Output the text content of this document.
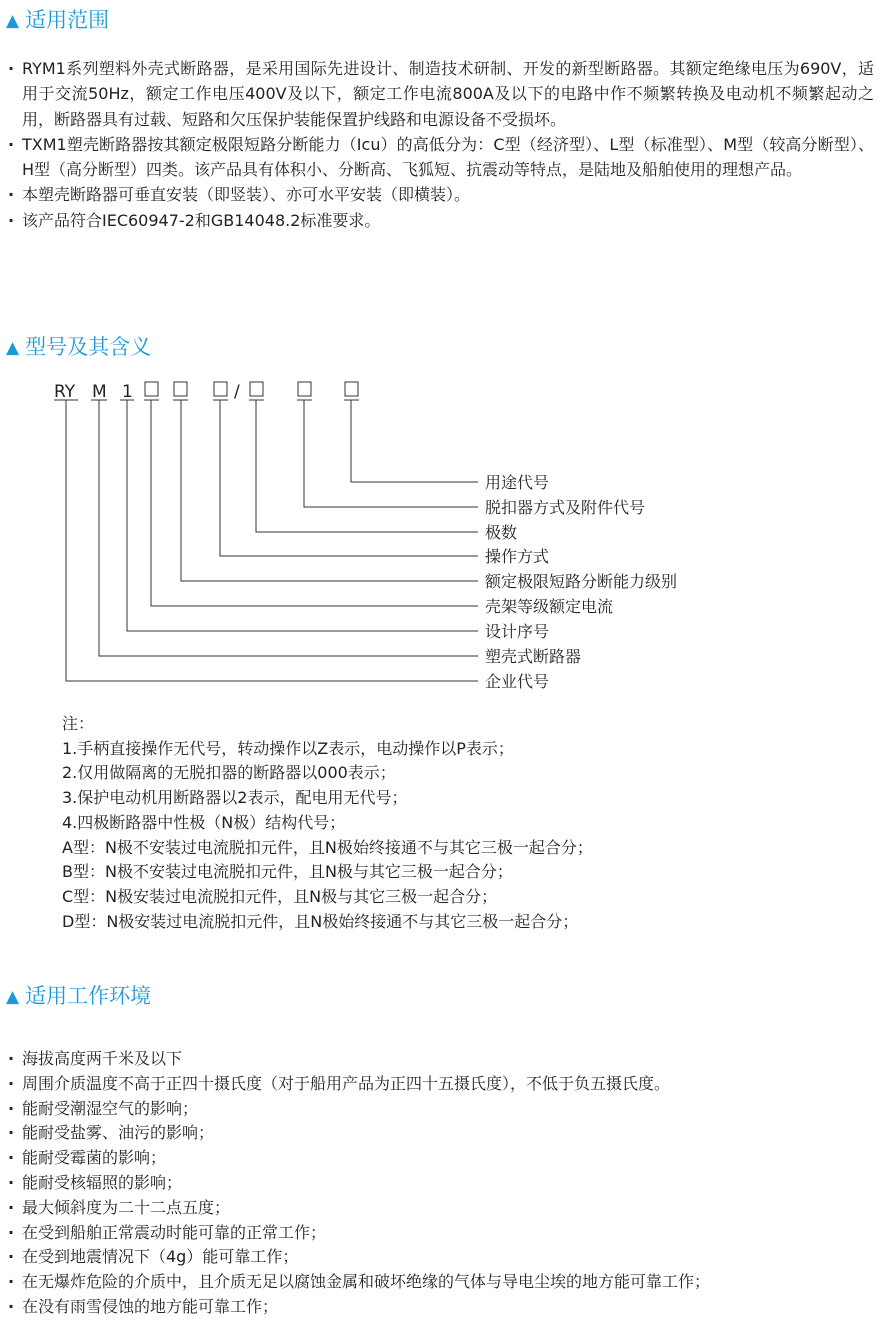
▲ 适用范围
· RYM1系列塑料外壳式断路器，是采用国际先进设计、制造技术研制、开发的新型断路器。其额定绝缘电压为690V，适用于交流50Hz，额定工作电压400V及以下，额定工作电流800A及以下的电路中作不频繁转换及电动机不频繁起动之用，断路器具有过载、短路和欠压保护装能保置护线路和电源设备不受损坏。
· TXM1塑壳断路器按其额定极限短路分断能力（Icu）的高低分为：C型（经济型）、L型（标准型）、M型（较高分断型）、H型（高分断型）四类。该产品具有体积小、分断高、飞狐短、抗震动等特点，是陆地及船舶使用的理想产品。
· 本塑壳断路器可垂直安装（即竖装）、亦可水平安装（即横装）。
· 该产品符合IEC60947-2和GB14048.2标准要求。
▲ 型号及其含义
RY M 1	/
用途代号
脱扣器方式及附件代号
极数
操作方式
额定极限短路分断能力级别
壳架等级额定电流
设计序号
塑壳式断路器
企业代号
注：
1.手柄直接操作无代号，转动操作以Z表示，电动操作以P表示；
2.仅用做隔离的无脱扣器的断路器以000表示；
3.保护电动机用断路器以2表示，配电用无代号；
4.四极断路器中性极（N极）结构代号；
A型：N极不安装过电流脱扣元件，且N极始终接通不与其它三极一起合分；
B型：N极不安装过电流脱扣元件，且N极与其它三极一起合分；
C型：N极安装过电流脱扣元件，且N极与其它三极一起合分；
D型：N极安装过电流脱扣元件，且N极始终接通不与其它三极一起合分；
▲ 适用工作环境
· 海拔高度两千米及以下
· 周围介质温度不高于正四十摄氏度（对于船用产品为正四十五摄氏度），不低于负五摄氏度。
· 能耐受潮湿空气的影响；
· 能耐受盐雾、油污的影响；
· 能耐受霉菌的影响；
· 能耐受核辐照的影响；
· 最大倾斜度为二十二点五度；
· 在受到船舶正常震动时能可靠的正常工作；
· 在受到地震情况下（4g）能可靠工作；
· 在无爆炸危险的介质中，且介质无足以腐蚀金属和破坏绝缘的气体与导电尘埃的地方能可靠工作；
· 在没有雨雪侵蚀的地方能可靠工作；
